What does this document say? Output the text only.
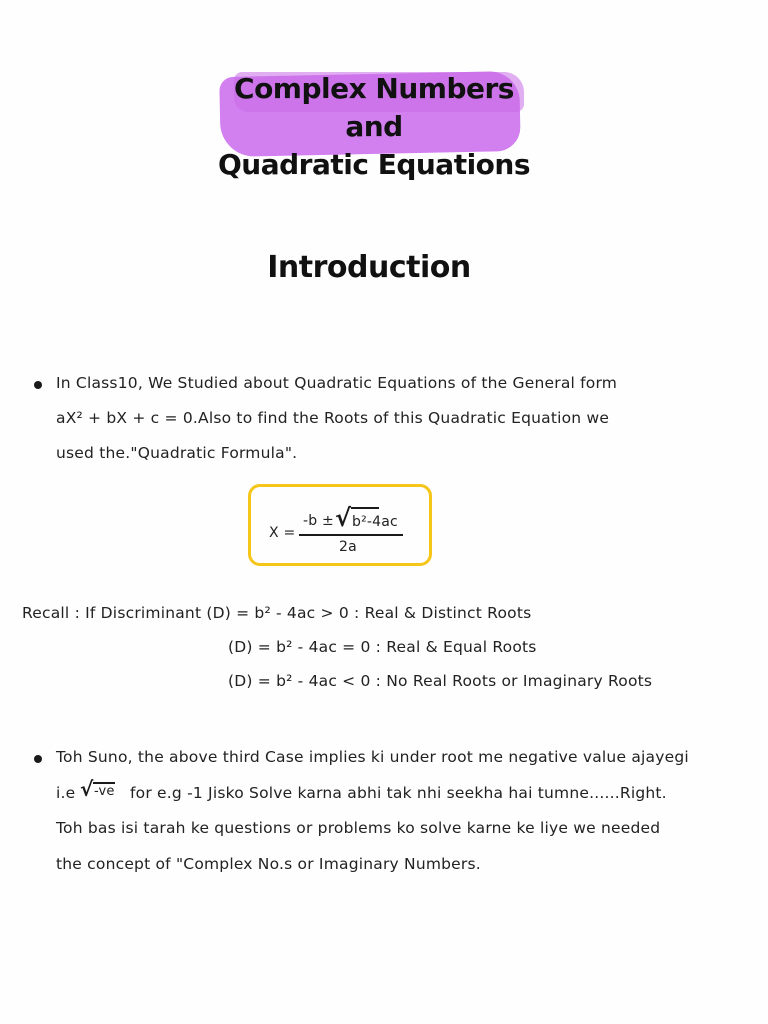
Complex Numbers and
Quadratic Equations
Introduction
In Class10, We Studied about Quadratic Equations of the General form
aX² + bX + c = 0.Also to find the Roots of this Quadratic Equation we
used the."Quadratic Formula".
X =
-b ± √ b²-4ac
2a
Recall : If Discriminant (D) = b² - 4ac > 0 : Real & Distinct Roots
(D) = b² - 4ac = 0 : Real & Equal Roots
(D) = b² - 4ac < 0 : No Real Roots or Imaginary Roots
Toh Suno, the above third Case implies ki under root me negative value ajayegi
i.e √ -ve for e.g -1 Jisko Solve karna abhi tak nhi seekha hai tumne......Right.
Toh bas isi tarah ke questions or problems ko solve karne ke liye we needed
the concept of "Complex No.s or Imaginary Numbers.
